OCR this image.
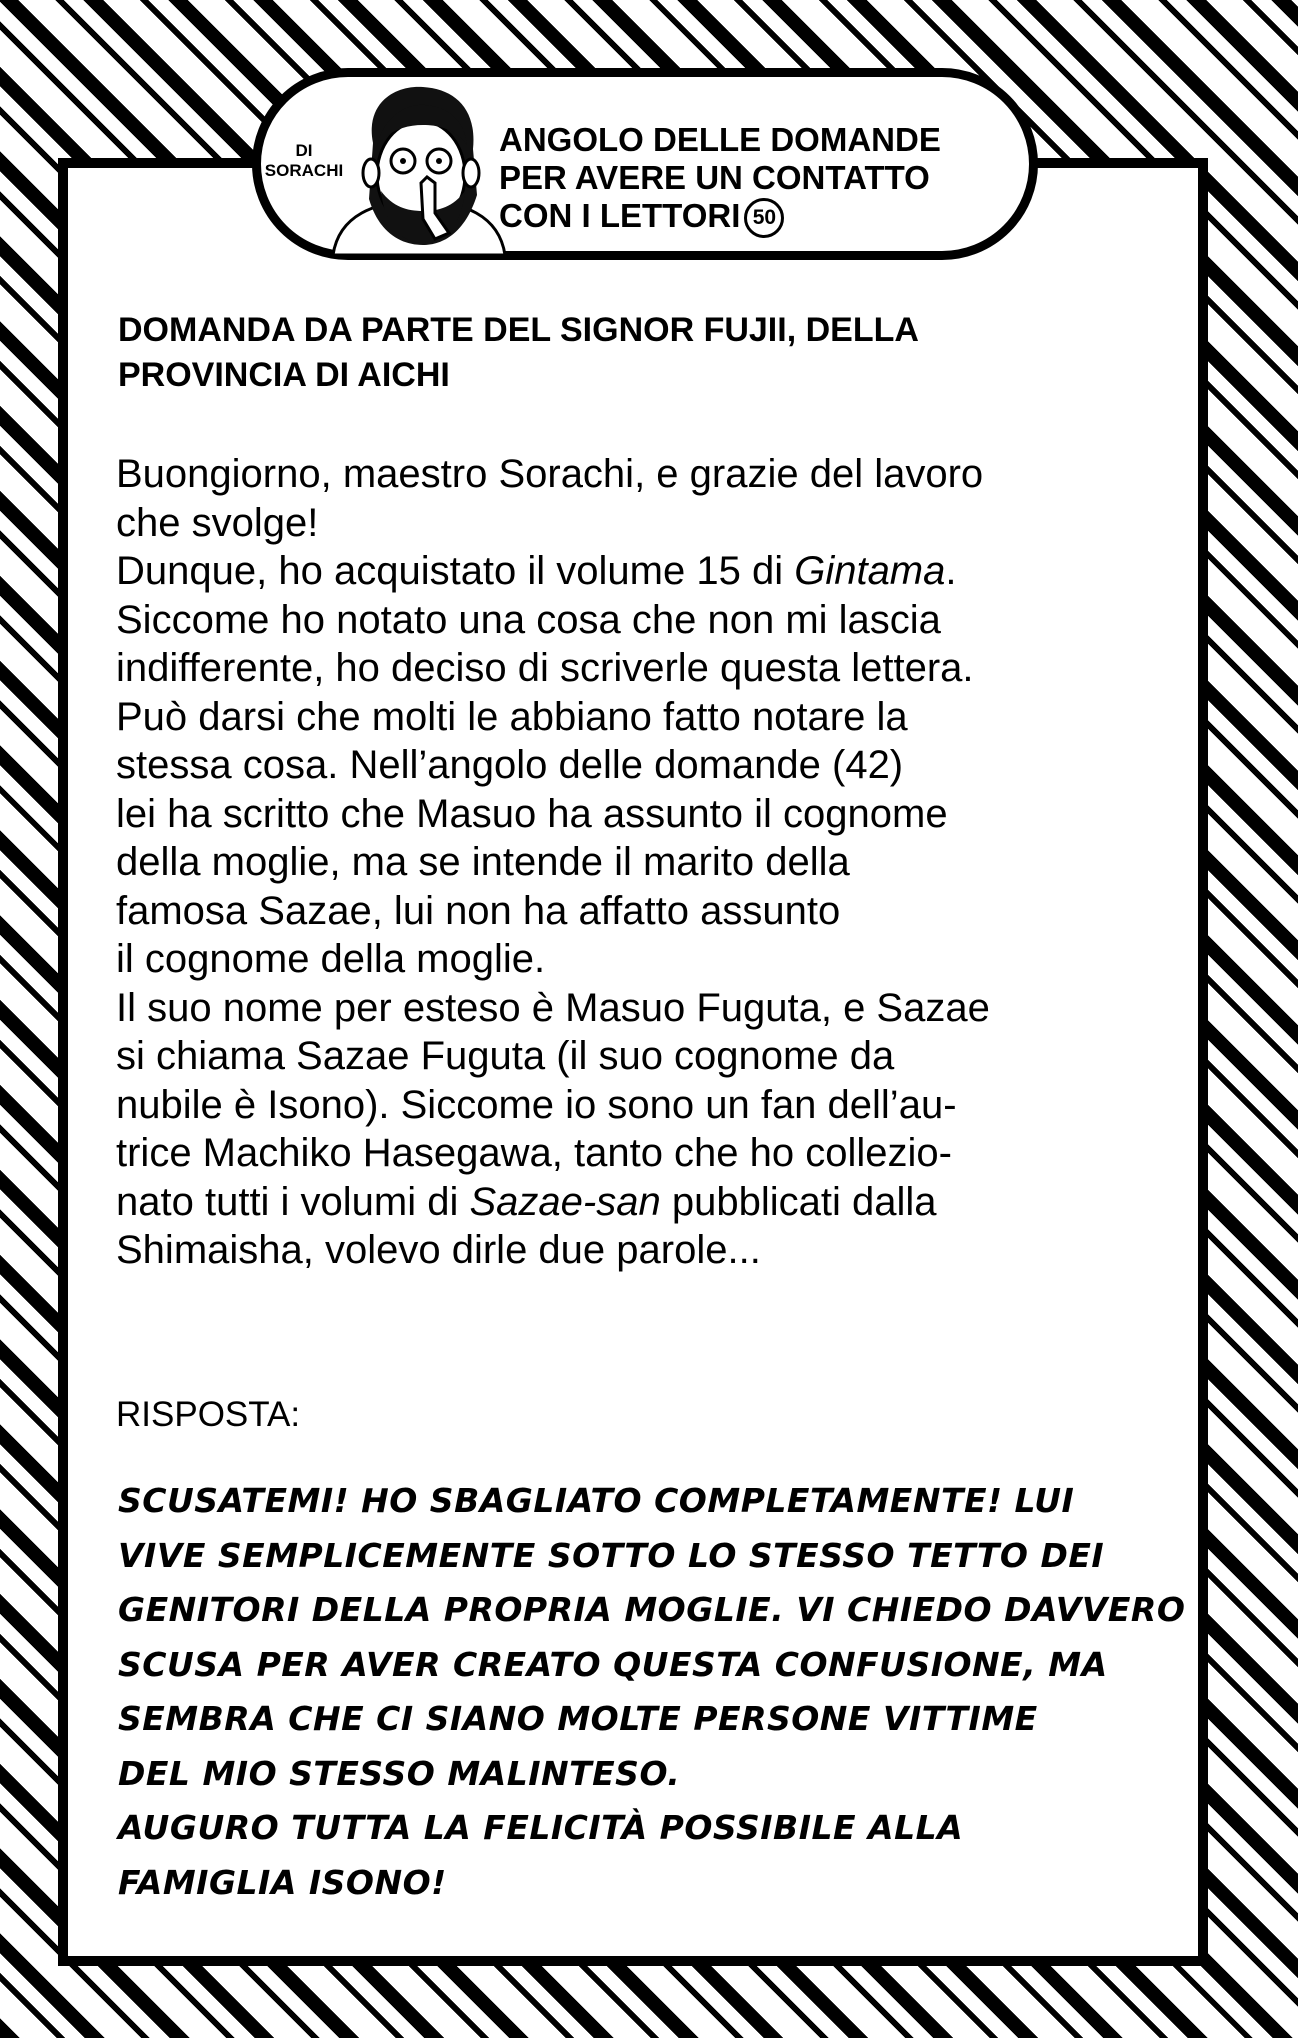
DI
SORACHI
ANGOLO DELLE DOMANDE
PER AVERE UN CONTATTO
CON I LETTORI 50
DOMANDA DA PARTE DEL SIGNOR FUJII, DELLA
PROVINCIA DI AICHI
Buongiorno, maestro Sorachi, e grazie del lavoro
che svolge!
Dunque, ho acquistato il volume 15 di Gintama.
Siccome ho notato una cosa che non mi lascia
indifferente, ho deciso di scriverle questa lettera.
Può darsi che molti le abbiano fatto notare la
stessa cosa. Nell’angolo delle domande (42)
lei ha scritto che Masuo ha assunto il cognome
della moglie, ma se intende il marito della
famosa Sazae, lui non ha affatto assunto
il cognome della moglie.
Il suo nome per esteso è Masuo Fuguta, e Sazae
si chiama Sazae Fuguta (il suo cognome da
nubile è Isono). Siccome io sono un fan dell’au-
trice Machiko Hasegawa, tanto che ho collezio-
nato tutti i volumi di Sazae-san pubblicati dalla
Shimaisha, volevo dirle due parole...
RISPOSTA:
SCUSATEMI! HO SBAGLIATO COMPLETAMENTE! LUI
VIVE SEMPLICEMENTE SOTTO LO STESSO TETTO DEI
GENITORI DELLA PROPRIA MOGLIE. VI CHIEDO DAVVERO
SCUSA PER AVER CREATO QUESTA CONFUSIONE, MA
SEMBRA CHE CI SIANO MOLTE PERSONE VITTIME
DEL MIO STESSO MALINTESO.
AUGURO TUTTA LA FELICITÀ POSSIBILE ALLA
FAMIGLIA ISONO!
